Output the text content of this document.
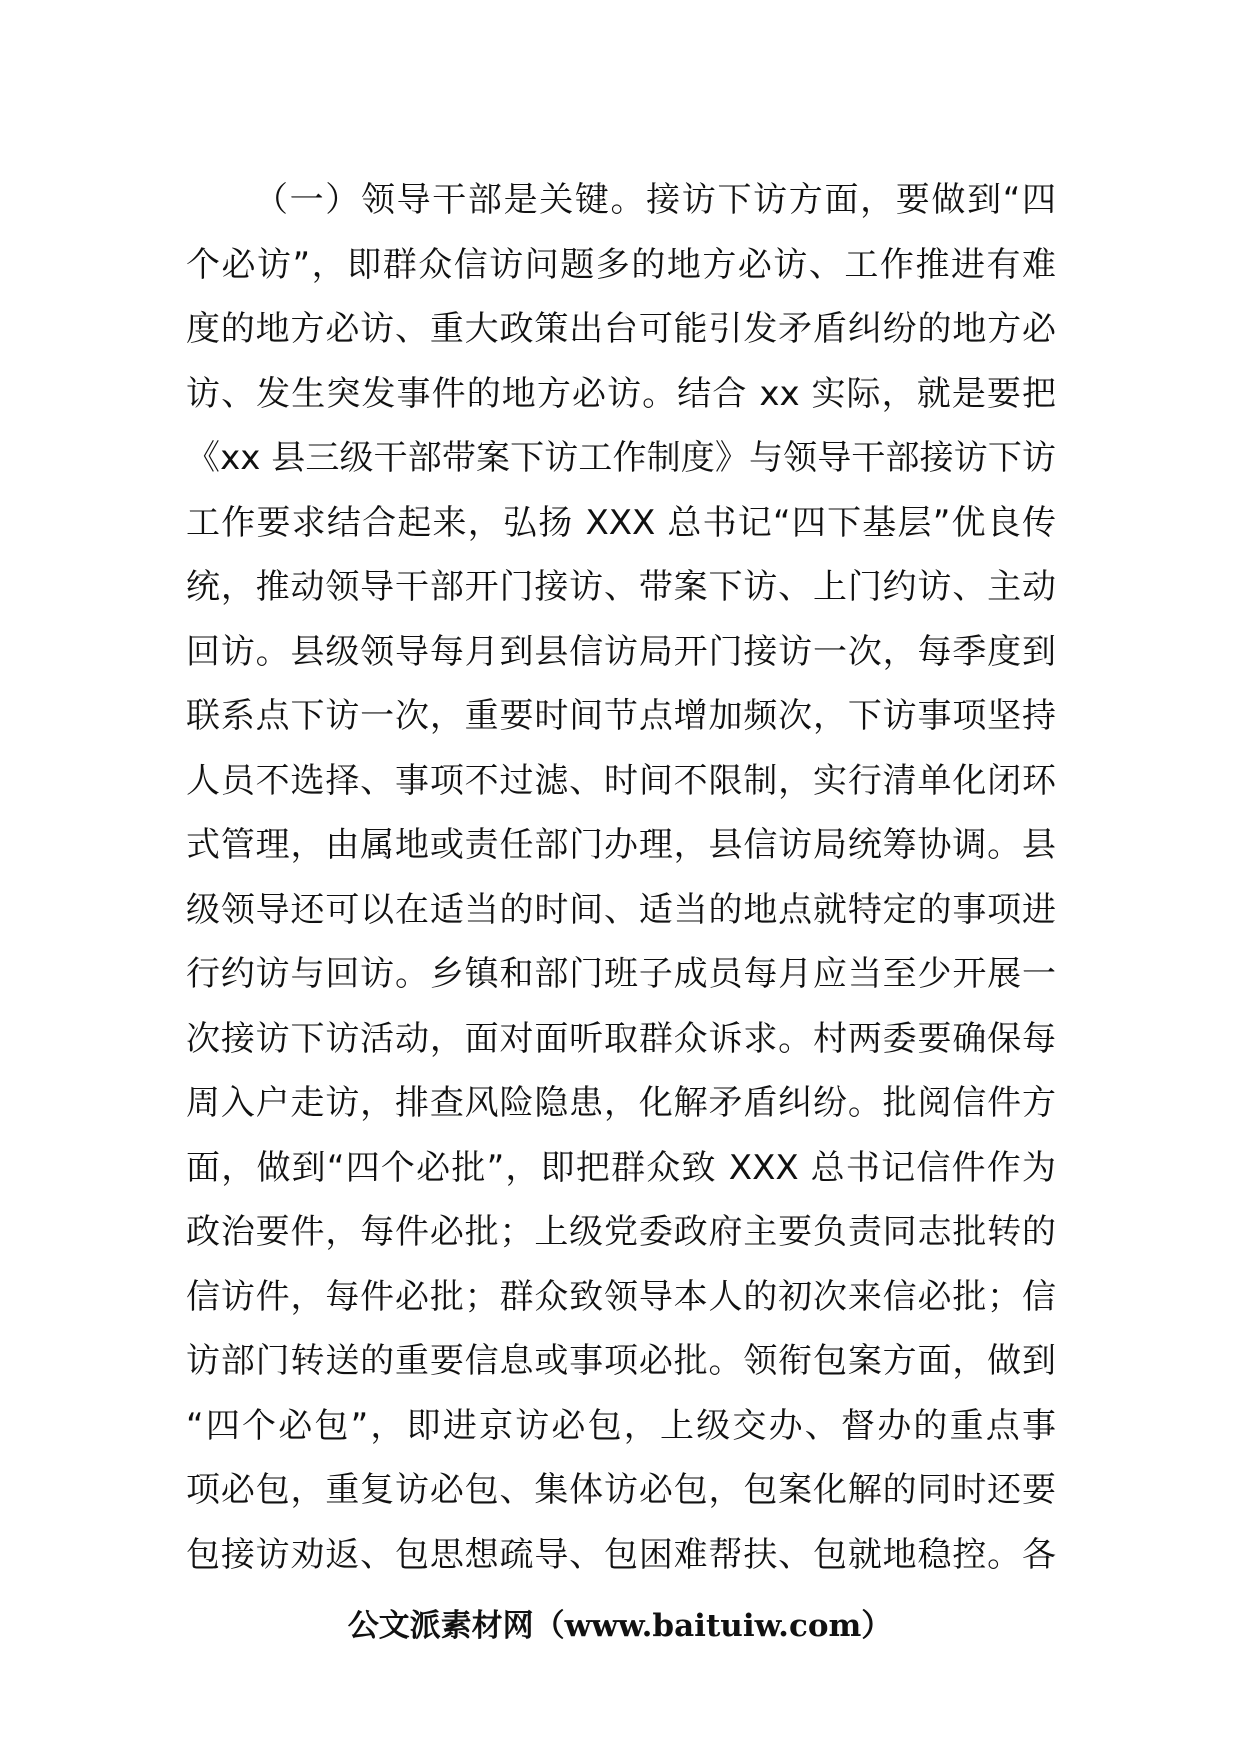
（一）领导干部是关键。接访下访方面，要做到“四
个必访”，即群众信访问题多的地方必访、工作推进有难
度的地方必访、重大政策出台可能引发矛盾纠纷的地方必
访、发生突发事件的地方必访。结合 xx 实际，就是要把
《xx 县三级干部带案下访工作制度》与领导干部接访下访
工作要求结合起来，弘扬 XXX 总书记“四下基层”优良传
统，推动领导干部开门接访、带案下访、上门约访、主动
回访。县级领导每月到县信访局开门接访一次，每季度到
联系点下访一次，重要时间节点增加频次，下访事项坚持
人员不选择、事项不过滤、时间不限制，实行清单化闭环
式管理，由属地或责任部门办理，县信访局统筹协调。县
级领导还可以在适当的时间、适当的地点就特定的事项进
行约访与回访。乡镇和部门班子成员每月应当至少开展一
次接访下访活动，面对面听取群众诉求。村两委要确保每
周入户走访，排查风险隐患，化解矛盾纠纷。批阅信件方
面，做到“四个必批”，即把群众致 XXX 总书记信件作为
政治要件，每件必批；上级党委政府主要负责同志批转的
信访件，每件必批；群众致领导本人的初次来信必批；信
访部门转送的重要信息或事项必批。领衔包案方面，做到
“四个必包”，即进京访必包，上级交办、督办的重点事
项必包，重复访必包、集体访必包，包案化解的同时还要
包接访劝返、包思想疏导、包困难帮扶、包就地稳控。各
公文派素材网（www.baituiw.com）
